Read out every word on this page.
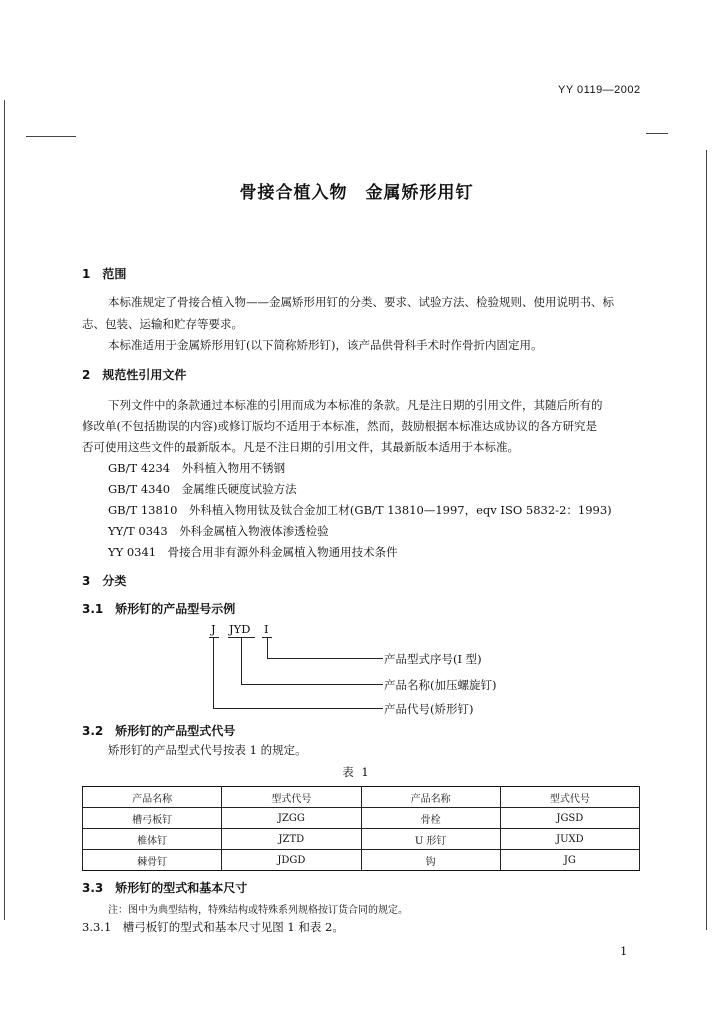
YY 0119—2002
骨接合植入物　金属矫形用钉
1　范围
本标准规定了骨接合植入物——金属矫形用钉的分类、要求、试验方法、检验规则、使用说明书、标
志、包装、运输和贮存等要求。
本标准适用于金属矫形用钉(以下简称矫形钉)，该产品供骨科手术时作骨折内固定用。
2　规范性引用文件
下列文件中的条款通过本标准的引用而成为本标准的条款。凡是注日期的引用文件，其随后所有的
修改单(不包括勘误的内容)或修订版均不适用于本标准，然而，鼓励根据本标准达成协议的各方研究是
否可使用这些文件的最新版本。凡是不注日期的引用文件，其最新版本适用于本标准。
GB/T 4234　外科植入物用不锈钢
GB/T 4340　金属维氏硬度试验方法
GB/T 13810　外科植入物用钛及钛合金加工材(GB/T 13810—1997，eqv ISO 5832-2：1993)
YY/T 0343　外科金属植入物液体渗透检验
YY 0341　骨接合用非有源外科金属植入物通用技术条件
3　分类
3.1　矫形钉的产品型号示例
J JYD I
产品型式序号(I 型)
产品名称(加压螺旋钉)
产品代号(矫形钉)
3.2　矫形钉的产品型式代号
矫形钉的产品型式代号按表 1 的规定。
表 1
产品名称	型式代号	产品名称	型式代号
槽弓板钉	JZGG	骨栓	JGSD
椎体钉	JZTD	U 形钉	JUXD
棘骨钉	JDGD	钩	JG
3.3　矫形钉的型式和基本尺寸
注：图中为典型结构，特殊结构或特殊系列规格按订货合同的规定。
3.3.1　槽弓板钉的型式和基本尺寸见图 1 和表 2。
1
